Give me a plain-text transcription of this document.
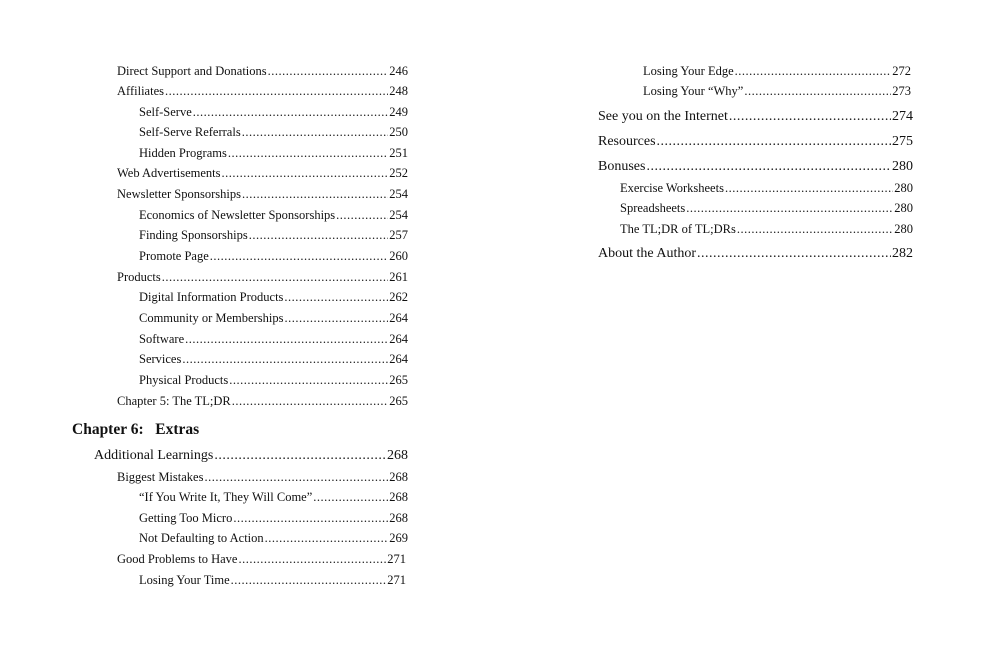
Direct Support and Donations .....	246
Affiliates .....	248
Self-Serve .....	249
Self-Serve Referrals .....	250
Hidden Programs .....	251
Web Advertisements .....	252
Newsletter Sponsorships .....	254
Economics of Newsletter Sponsorships .....	254
Finding Sponsorships .....	257
Promote Page .....	260
Products .....	261
Digital Information Products .....	262
Community or Memberships .....	264
Software .....	264
Services .....	264
Physical Products .....	265
Chapter 5: The TL;DR .....	265
Chapter 6:   Extras
Additional Learnings .....	268
Biggest Mistakes .....	268
“If You Write It, They Will Come” .....	268
Getting Too Micro .....	268
Not Defaulting to Action .....	269
Good Problems to Have .....	271
Losing Your Time .....	271
Losing Your Edge .....	272
Losing Your “Why” .....	273
See you on the Internet .....	274
Resources .....	275
Bonuses .....	280
Exercise Worksheets .....	280
Spreadsheets .....	280
The TL;DR of TL;DRs .....	280
About the Author .....	282
